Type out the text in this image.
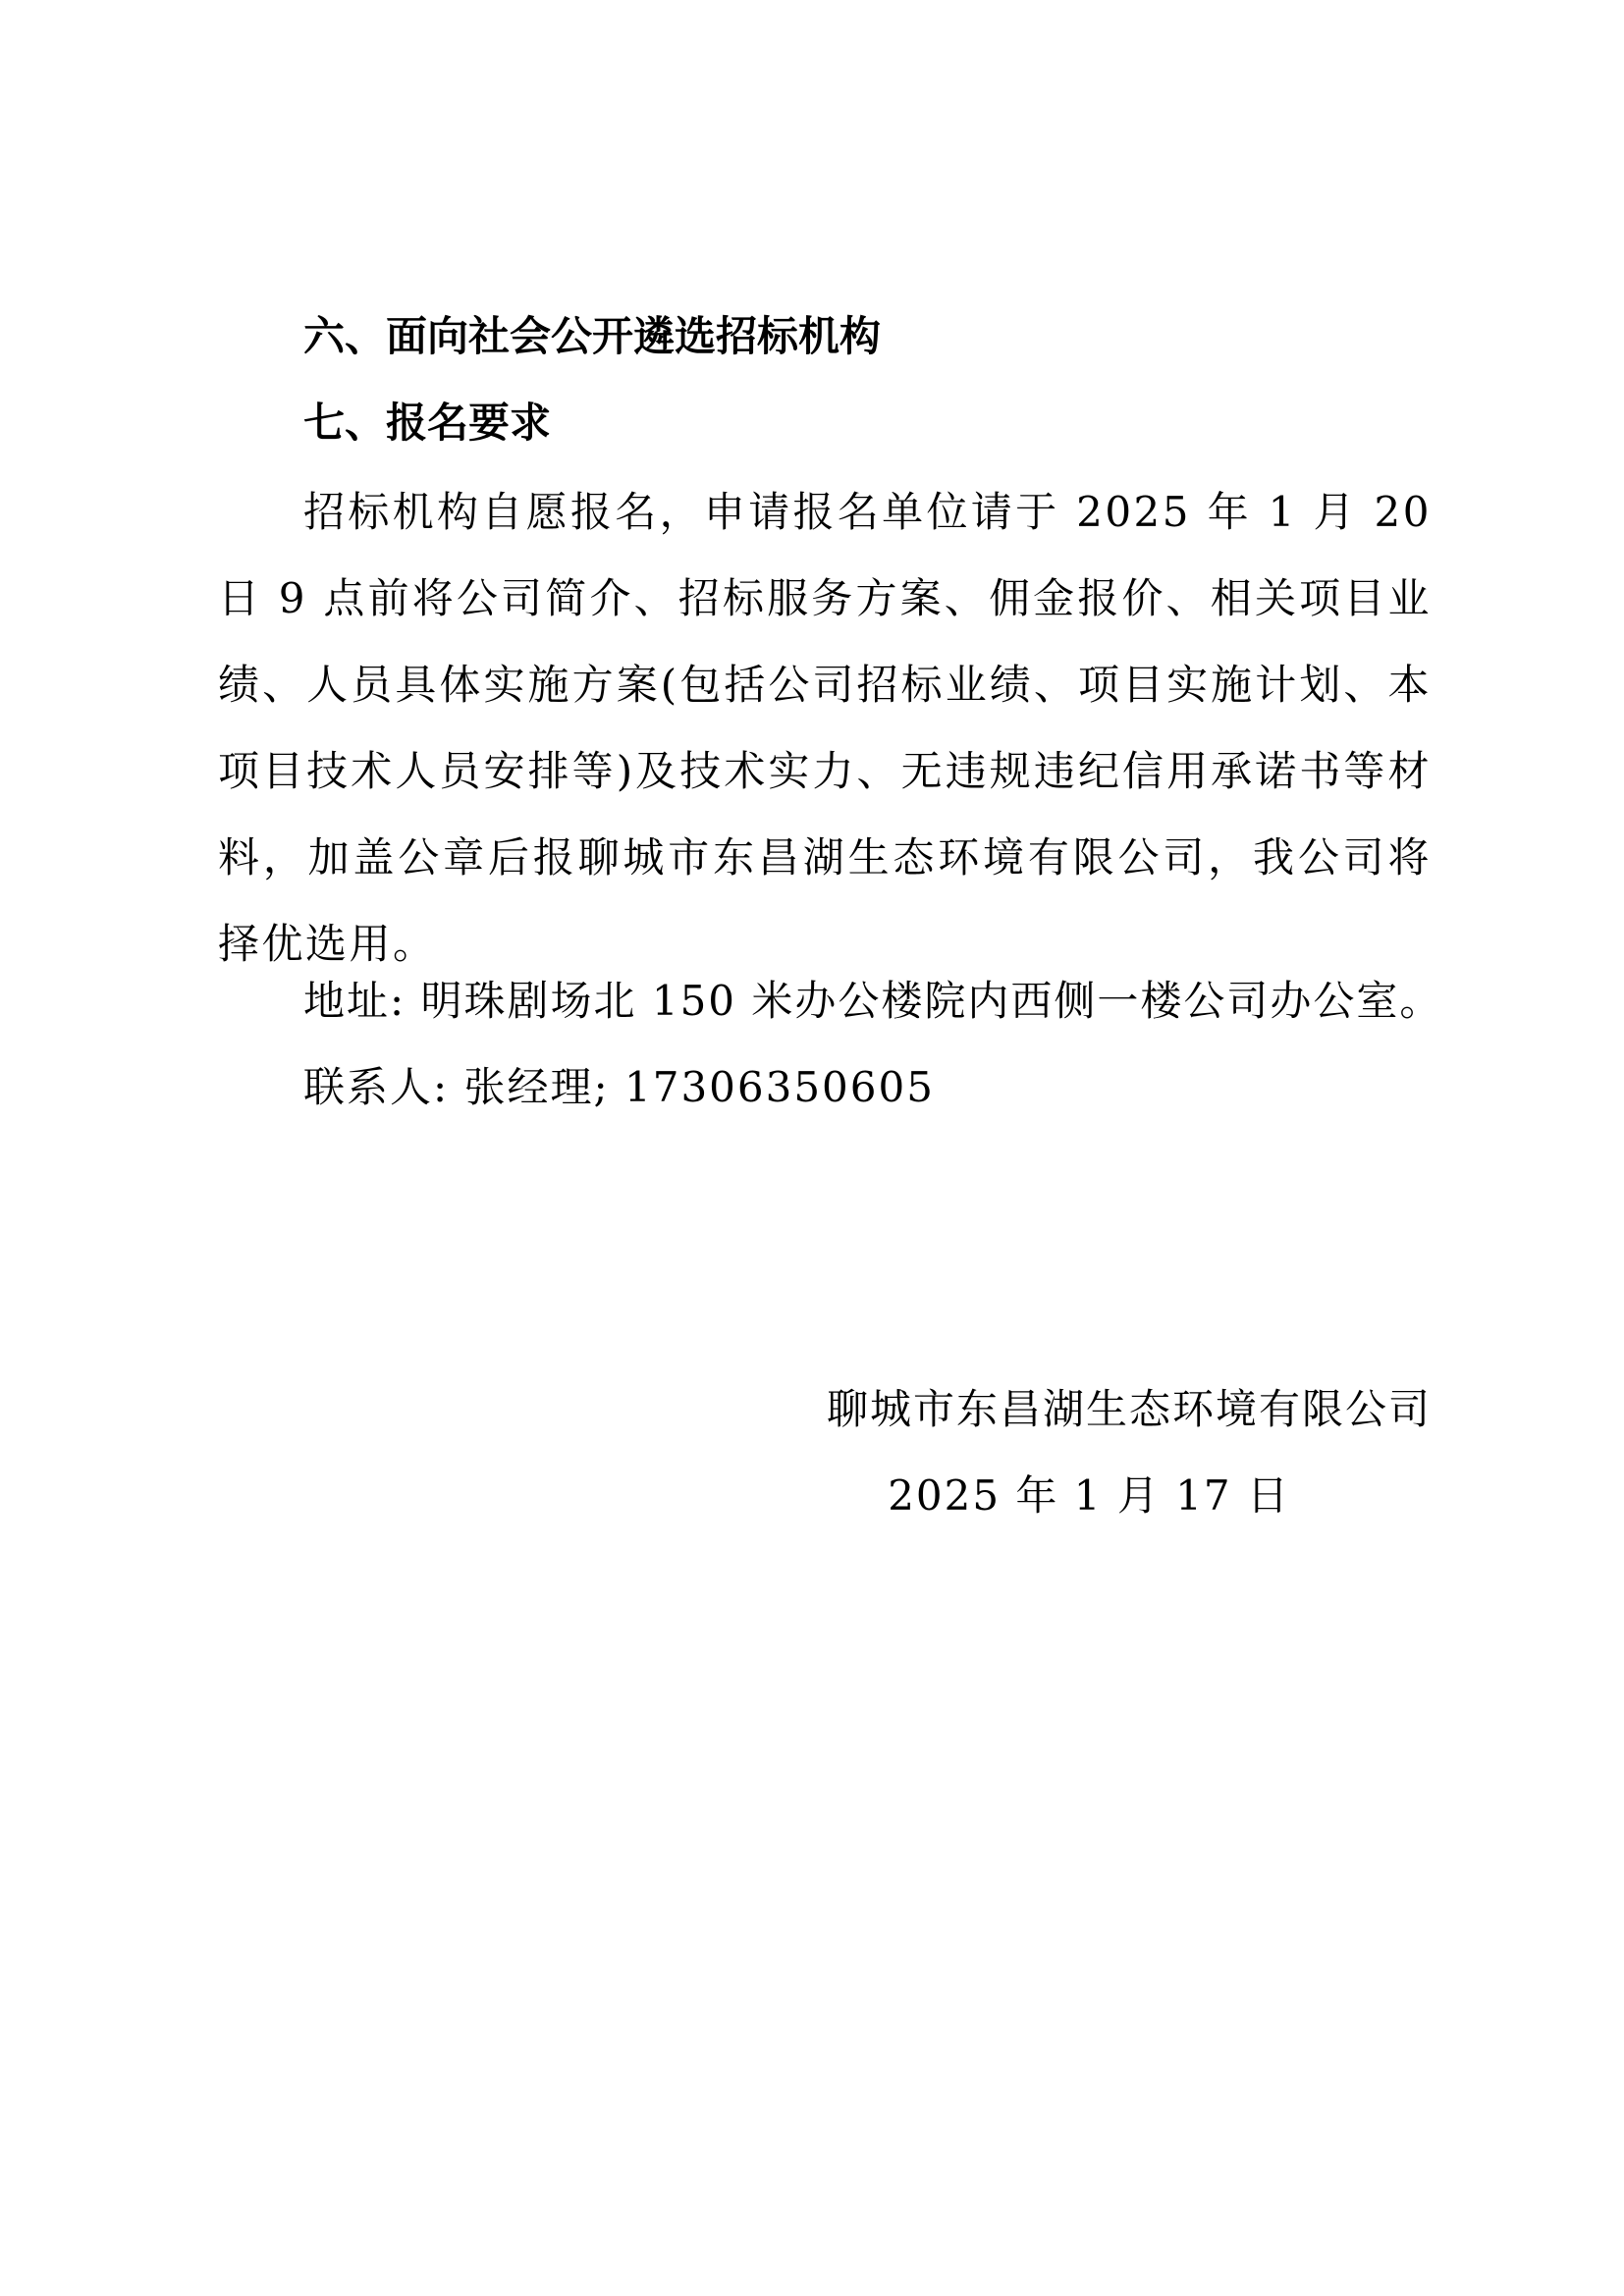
六、面向社会公开遴选招标机构
七、报名要求
招标机构自愿报名，申请报名单位请于 2025 年 1 月 20 日 9 点前将公司简介、招标服务方案、佣金报价、相关项目业绩、人员具体实施方案(包括公司招标业绩、项目实施计划、本项目技术人员安排等)及技术实力、无违规违纪信用承诺书等材料，加盖公章后报聊城市东昌湖生态环境有限公司，我公司将择优选用。
地址: 明珠剧场北 150 米办公楼院内西侧一楼公司办公室。
联系人: 张经理; 17306350605
聊城市东昌湖生态环境有限公司
2025 年 1 月 17 日
